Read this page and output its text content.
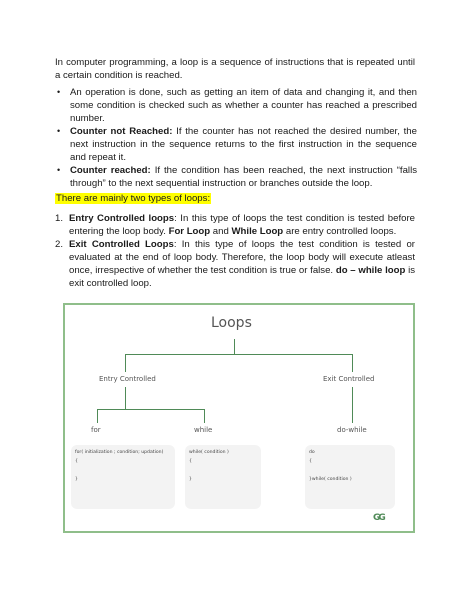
In computer programming, a loop is a sequence of instructions that is repeated until a certain condition is reached.
• An operation is done, such as getting an item of data and changing it, and then some condition is checked such as whether a counter has reached a prescribed number.
• Counter not Reached: If the counter has not reached the desired number, the next instruction in the sequence returns to the first instruction in the sequence and repeat it.
• Counter reached: If the condition has been reached, the next instruction “falls through” to the next sequential instruction or branches outside the loop.
There are mainly two types of loops:
1. Entry Controlled loops: In this type of loops the test condition is tested before entering the loop body. For Loop and While Loop are entry controlled loops.
2. Exit Controlled Loops: In this type of loops the test condition is tested or evaluated at the end of loop body. Therefore, the loop body will execute atleast once, irrespective of whether the test condition is true or false. do – while loop is exit controlled loop.
Loops
Entry Controlled	Exit Controlled
for	while	do-while
for( initialization ; condition; updation)
{

}
while( condition )
{

}
do
{

}while( condition )
GG
